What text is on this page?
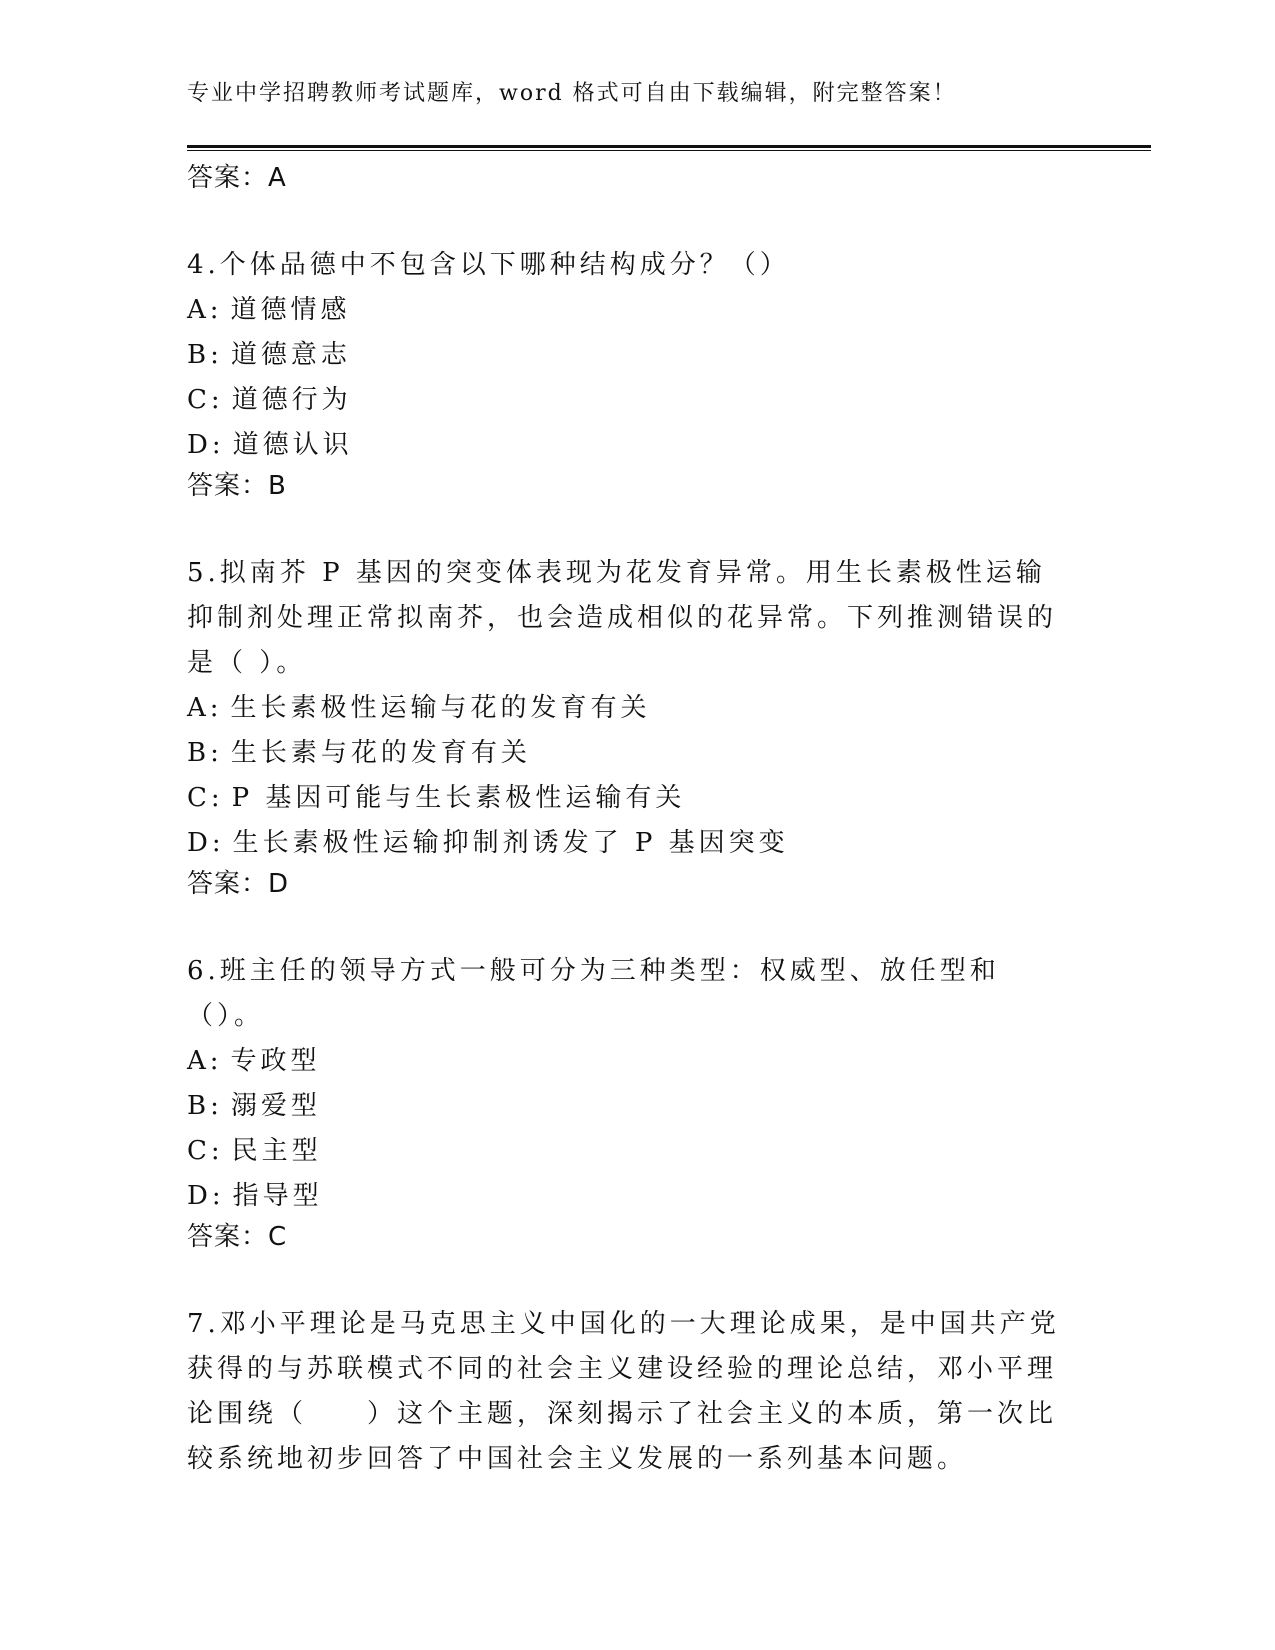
专业中学招聘教师考试题库，word 格式可自由下载编辑，附完整答案！
答案：A

4.个体品德中不包含以下哪种结构成分？（）

A: 道德情感
B: 道德意志
C: 道德行为
D: 道德认识
答案：B

5.拟南芥 P 基因的突变体表现为花发育异常。用生长素极性运输抑制剂处理正常拟南芥，也会造成相似的花异常。下列推测错误的是（ ）。

A: 生长素极性运输与花的发育有关
B: 生长素与花的发育有关
C: P 基因可能与生长素极性运输有关
D: 生长素极性运输抑制剂诱发了 P 基因突变
答案：D

6.班主任的领导方式一般可分为三种类型：权威型、放任型和（）。

A: 专政型
B: 溺爱型
C: 民主型
D: 指导型
答案：C

7.邓小平理论是马克思主义中国化的一大理论成果，是中国共产党获得的与苏联模式不同的社会主义建设经验的理论总结，邓小平理论围绕（　　）这个主题，深刻揭示了社会主义的本质，第一次比较系统地初步回答了中国社会主义发展的一系列基本问题。
